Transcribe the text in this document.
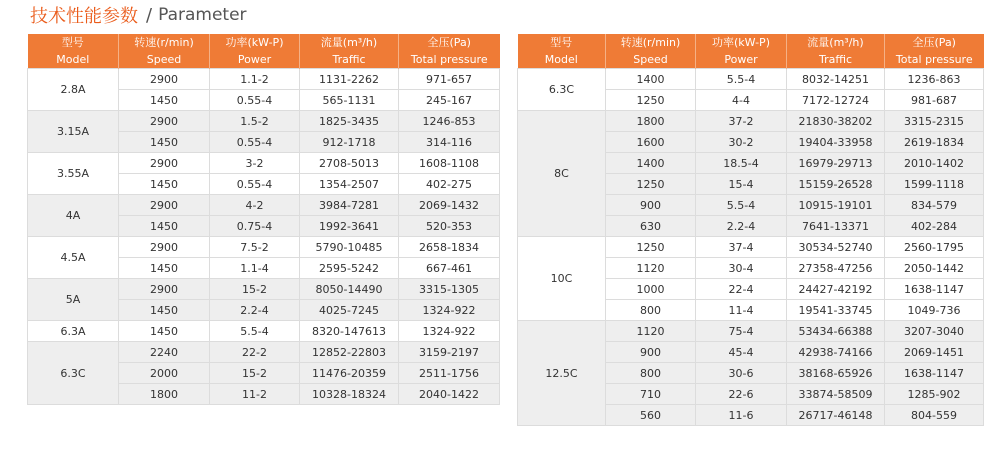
技术性能参数 / Parameter
型号	转速(r/min)	功率(kW-P)	流量(m³/h)	全压(Pa)
Model	Speed	Power	Traffic	Total pressure
2.8A	2900	1.1-2	1131-2262	971-657
	1450	0.55-4	565-1131	245-167
3.15A	2900	1.5-2	1825-3435	1246-853
	1450	0.55-4	912-1718	314-116
3.55A	2900	3-2	2708-5013	1608-1108
	1450	0.55-4	1354-2507	402-275
4A	2900	4-2	3984-7281	2069-1432
	1450	0.75-4	1992-3641	520-353
4.5A	2900	7.5-2	5790-10485	2658-1834
	1450	1.1-4	2595-5242	667-461
5A	2900	15-2	8050-14490	3315-1305
	1450	2.2-4	4025-7245	1324-922
6.3A	1450	5.5-4	8320-147613	1324-922
6.3C	2240	22-2	12852-22803	3159-2197
	2000	15-2	11476-20359	2511-1756
	1800	11-2	10328-18324	2040-1422
型号	转速(r/min)	功率(kW-P)	流量(m³/h)	全压(Pa)
Model	Speed	Power	Traffic	Total pressure
6.3C	1400	5.5-4	8032-14251	1236-863
	1250	4-4	7172-12724	981-687
8C	1800	37-2	21830-38202	3315-2315
	1600	30-2	19404-33958	2619-1834
	1400	18.5-4	16979-29713	2010-1402
	1250	15-4	15159-26528	1599-1118
	900	5.5-4	10915-19101	834-579
	630	2.2-4	7641-13371	402-284
10C	1250	37-4	30534-52740	2560-1795
	1120	30-4	27358-47256	2050-1442
	1000	22-4	24427-42192	1638-1147
	800	11-4	19541-33745	1049-736
12.5C	1120	75-4	53434-66388	3207-3040
	900	45-4	42938-74166	2069-1451
	800	30-6	38168-65926	1638-1147
	710	22-6	33874-58509	1285-902
	560	11-6	26717-46148	804-559
